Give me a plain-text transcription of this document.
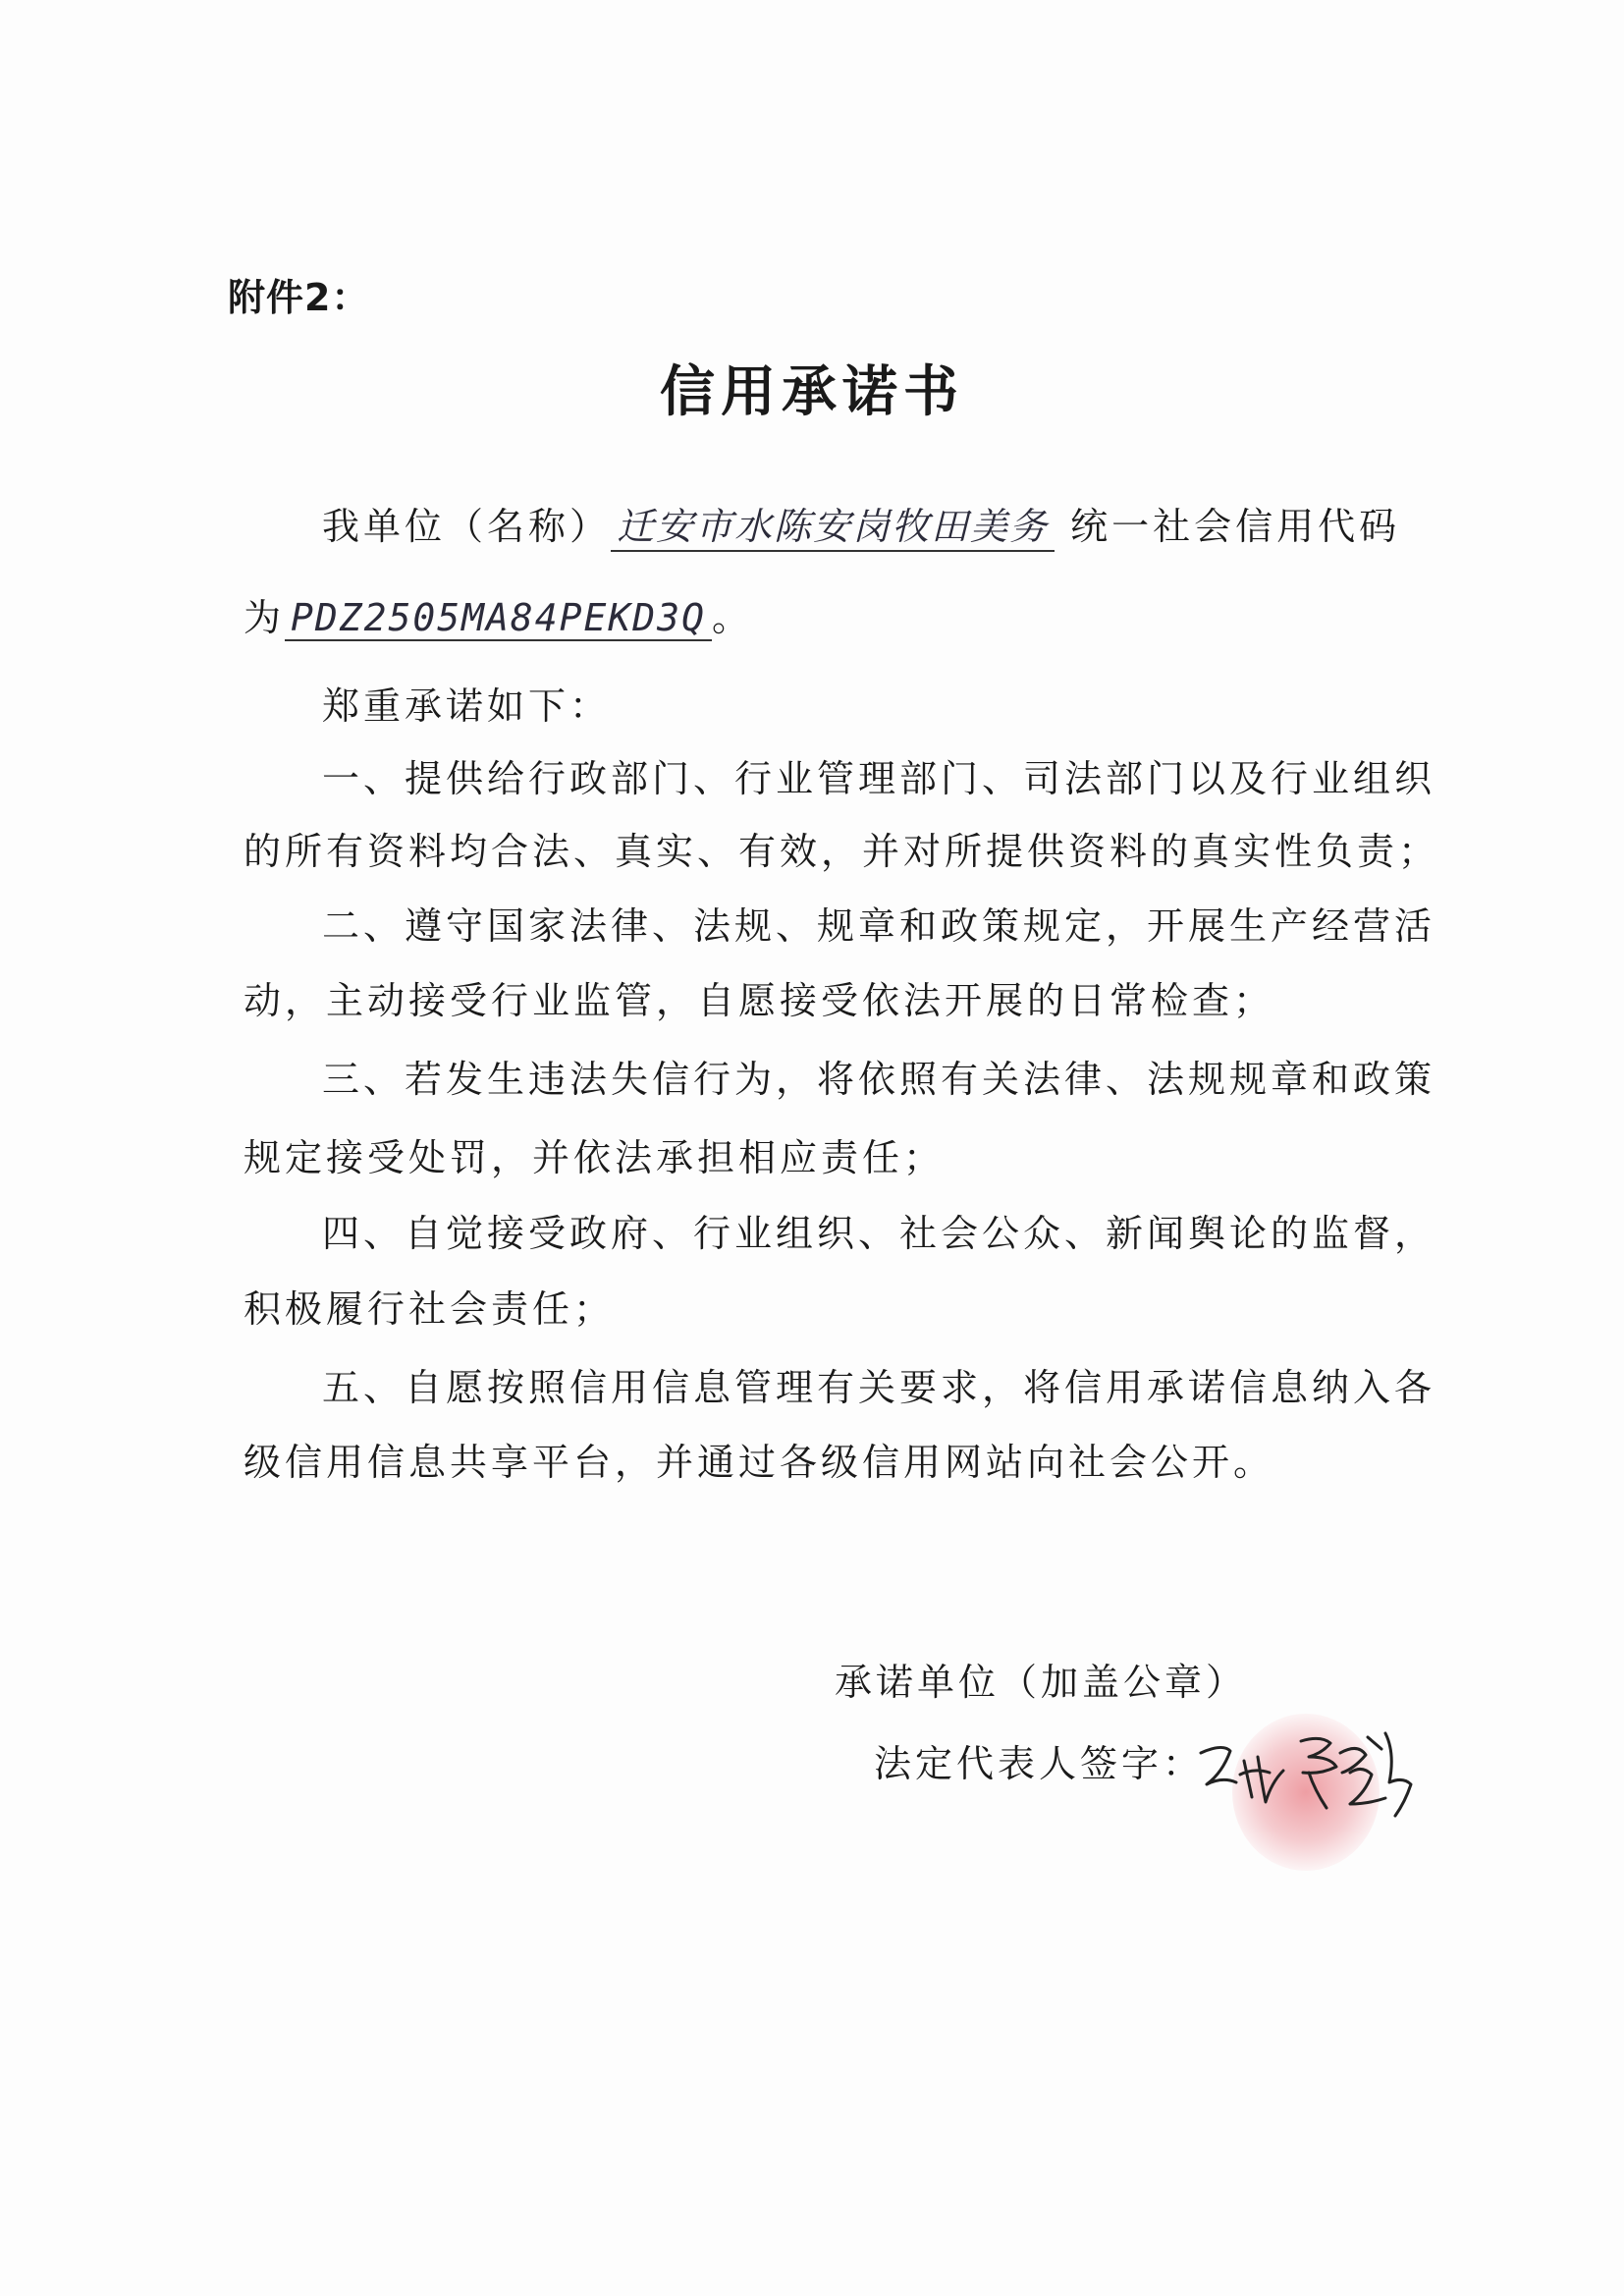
附件2：
信用承诺书
我单位（名称） 迁安市水陈安岗牧田美务 统一社会信用代码
为 PDZ2505MA84PEKD3Q 。
郑重承诺如下：
一、提供给行政部门、行业管理部门、司法部门以及行业组织
的所有资料均合法、真实、有效，并对所提供资料的真实性负责；
二、遵守国家法律、法规、规章和政策规定，开展生产经营活
动，主动接受行业监管，自愿接受依法开展的日常检查；
三、若发生违法失信行为，将依照有关法律、法规规章和政策
规定接受处罚，并依法承担相应责任；
四、自觉接受政府、行业组织、社会公众、新闻舆论的监督，
积极履行社会责任；
五、自愿按照信用信息管理有关要求，将信用承诺信息纳入各
级信用信息共享平台，并通过各级信用网站向社会公开。
承诺单位（加盖公章）
法定代表人签字：
